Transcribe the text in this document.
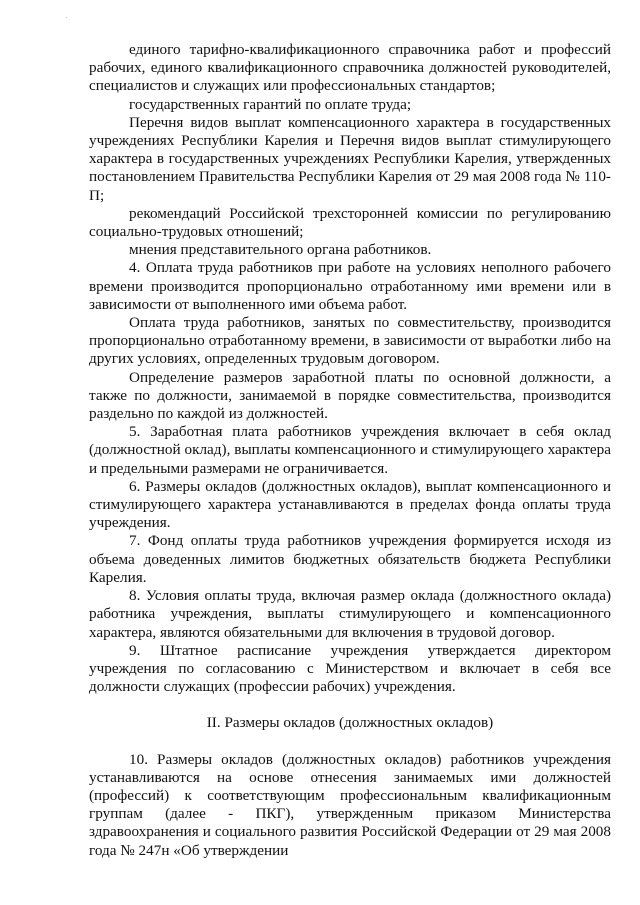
.

единого тарифно-квалификационного справочника работ и профессий рабочих, единого квалификационного справочника должностей руководителей, специалистов и служащих или профессиональных стандартов;

государственных гарантий по оплате труда;

Перечня видов выплат компенсационного характера в государственных учреждениях Республики Карелия и Перечня видов выплат стимулирующего характера в государственных учреждениях Республики Карелия, утвержденных постановлением Правительства Республики Карелия от 29 мая 2008 года № 110-П;

рекомендаций Российской трехсторонней комиссии по регулированию социально-трудовых отношений;

мнения представительного органа работников.

4. Оплата труда работников при работе на условиях неполного рабочего времени производится пропорционально отработанному ими времени или в зависимости от выполненного ими объема работ.

Оплата труда работников, занятых по совместительству, производится пропорционально отработанному времени, в зависимости от выработки либо на других условиях, определенных трудовым договором.

Определение размеров заработной платы по основной должности, а также по должности, занимаемой в порядке совместительства, производится раздельно по каждой из должностей.

5. Заработная плата работников учреждения включает в себя оклад (должностной оклад), выплаты компенсационного и стимулирующего характера и предельными размерами не ограничивается.

6. Размеры окладов (должностных окладов), выплат компенсационного и стимулирующего характера устанавливаются в пределах фонда оплаты труда учреждения.

7. Фонд оплаты труда работников учреждения формируется исходя из объема доведенных лимитов бюджетных обязательств бюджета Республики Карелия.

8. Условия оплаты труда, включая размер оклада (должностного оклада) работника учреждения, выплаты стимулирующего и компенсационного характера, являются обязательными для включения в трудовой договор.

9. Штатное расписание учреждения утверждается директором учреждения по согласованию с Министерством и включает в себя все должности служащих (профессии рабочих) учреждения.

II. Размеры окладов (должностных окладов)

10. Размеры окладов (должностных окладов) работников учреждения устанавливаются на основе отнесения занимаемых ими должностей (профессий) к соответствующим профессиональным квалификационным группам (далее - ПКГ), утвержденным приказом Министерства здравоохранения и социального развития Российской Федерации от 29 мая 2008 года № 247н «Об утверждении
